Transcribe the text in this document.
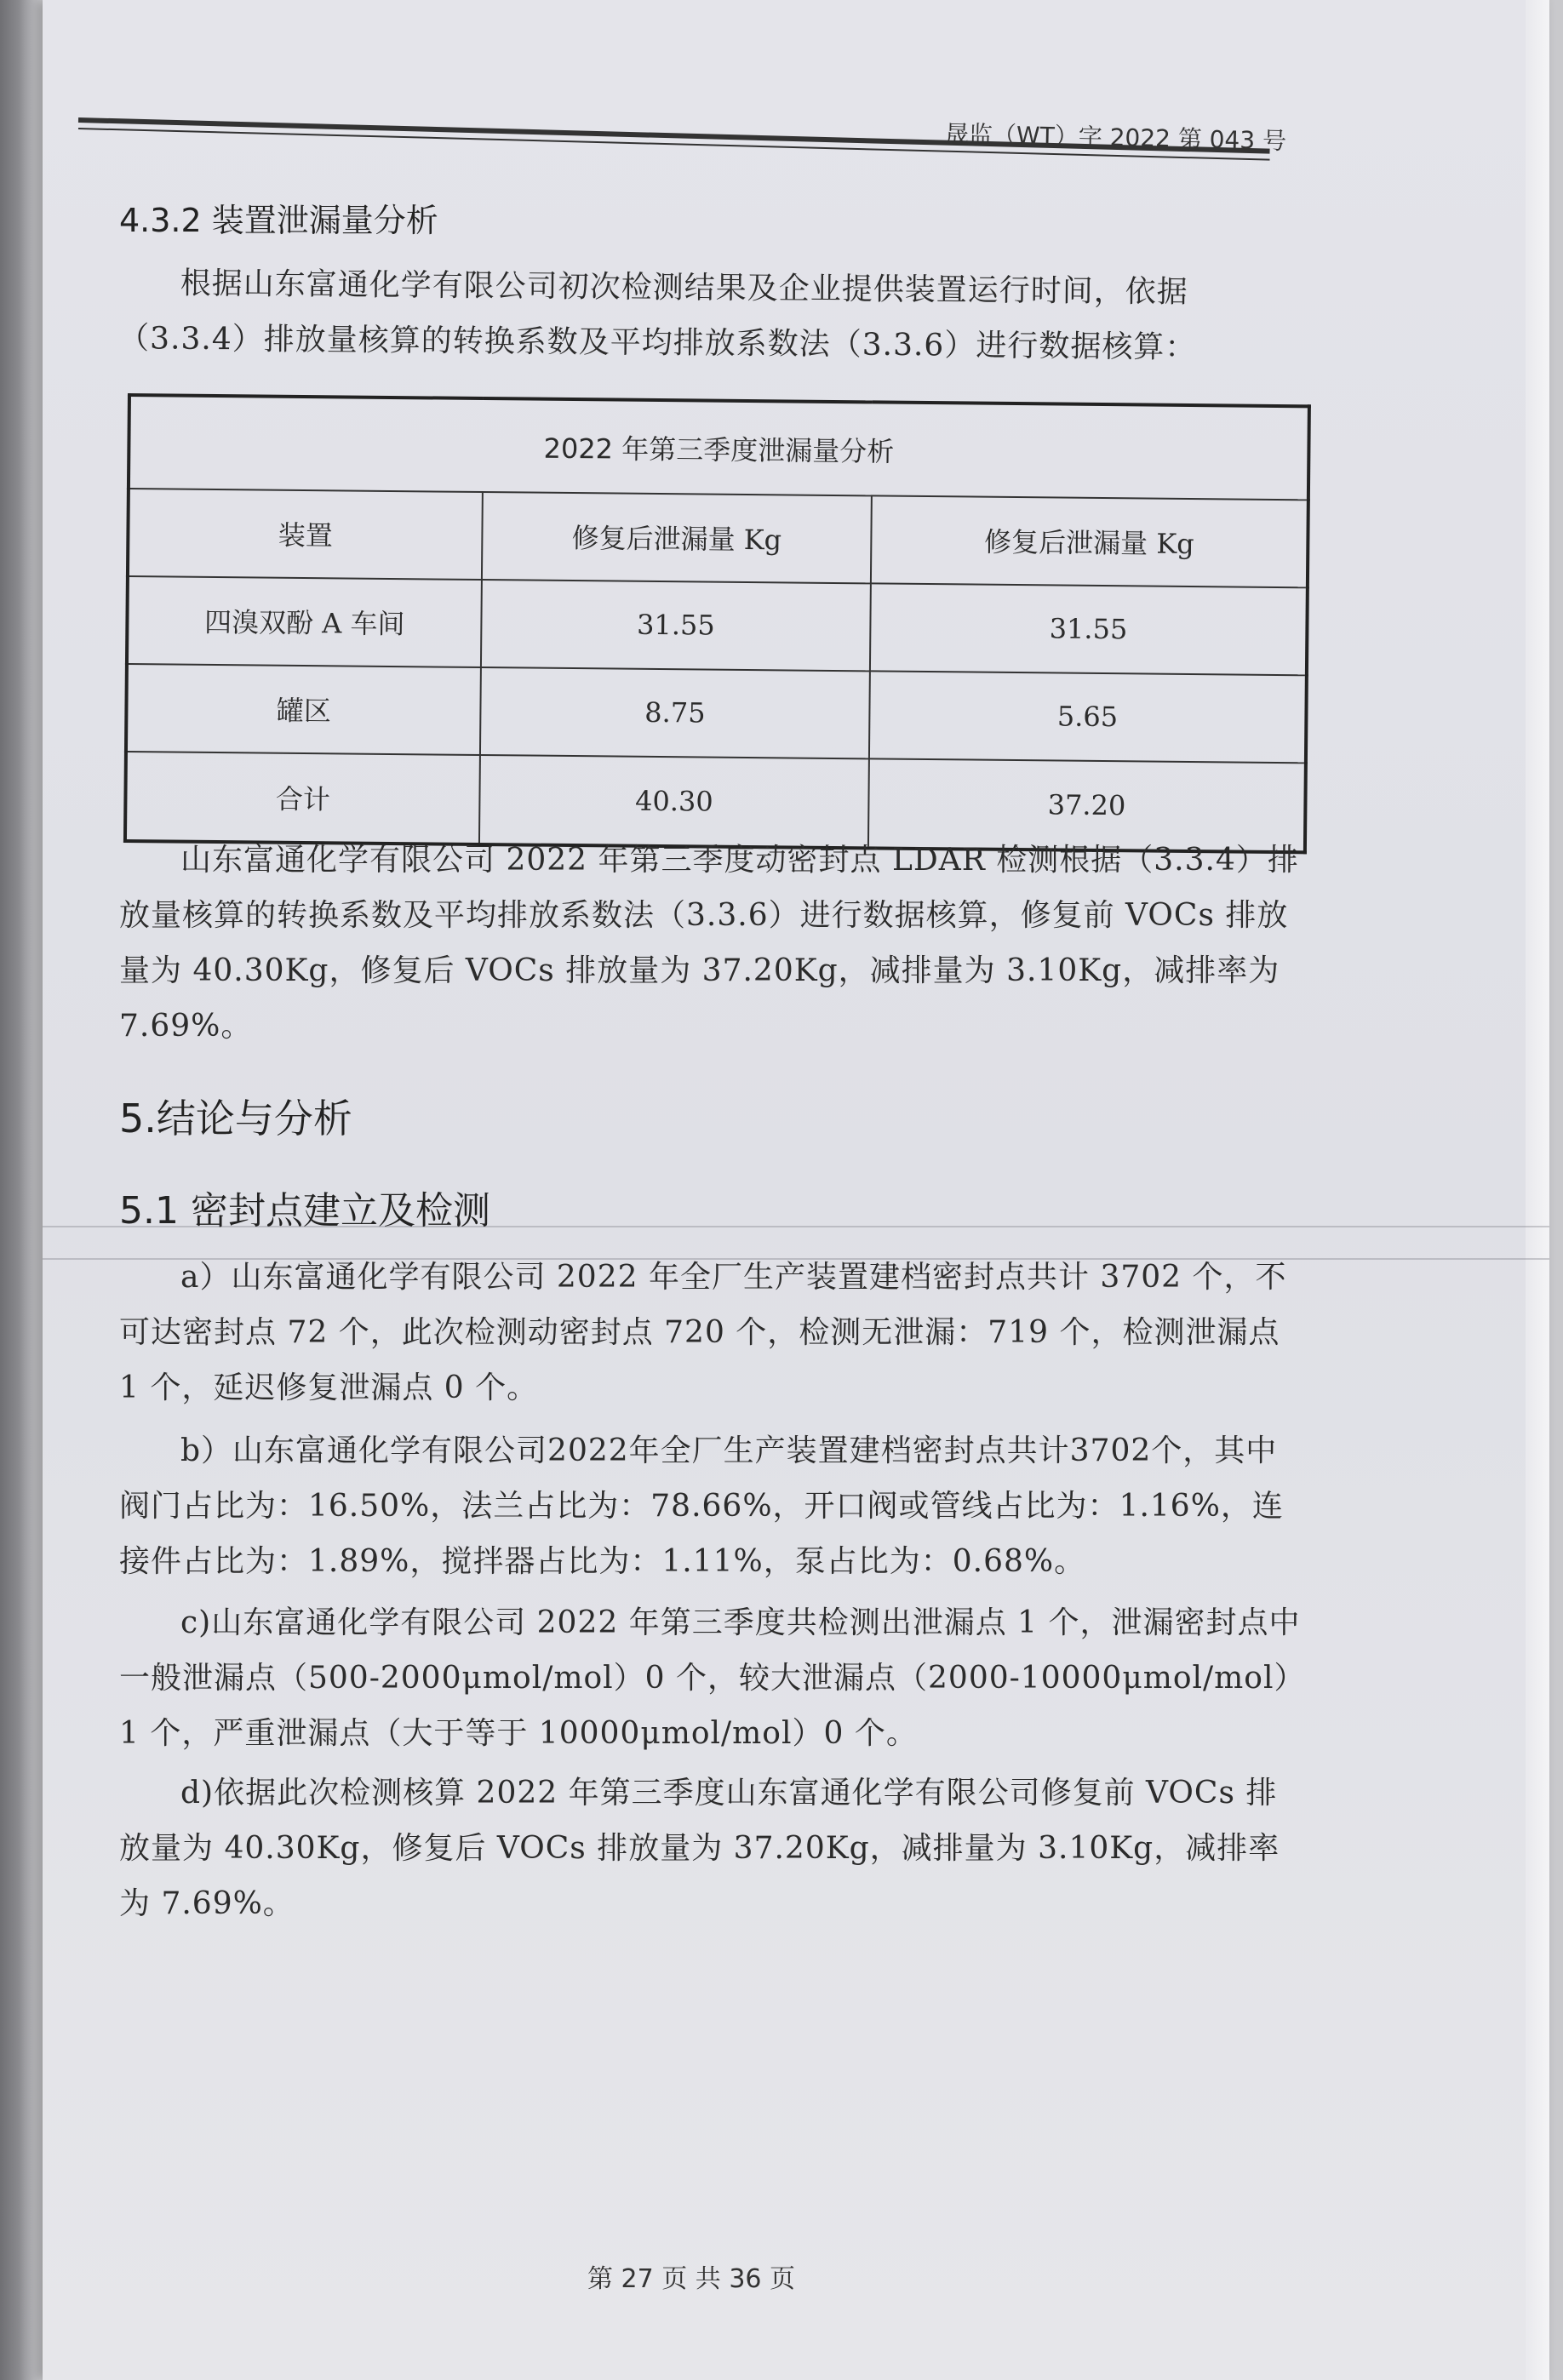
晟监（WT）字 2022 第 043 号
4.3.2 装置泄漏量分析
根据山东富通化学有限公司初次检测结果及企业提供装置运行时间，依据（3.3.4）排放量核算的转换系数及平均排放系数法（3.3.6）进行数据核算：
2022 年第三季度泄漏量分析		
装置	修复后泄漏量 Kg	修复后泄漏量 Kg
四溴双酚 A 车间	31.55	31.55
罐区	8.75	5.65
合计	40.30	37.20
山东富通化学有限公司 2022 年第三季度动密封点 LDAR 检测根据（3.3.4）排放量核算的转换系数及平均排放系数法（3.3.6）进行数据核算，修复前 VOCs 排放量为 40.30Kg，修复后 VOCs 排放量为 37.20Kg，减排量为 3.10Kg，减排率为 7.69%。
5.结论与分析
5.1 密封点建立及检测
a）山东富通化学有限公司 2022 年全厂生产装置建档密封点共计 3702 个，不可达密封点 72 个，此次检测动密封点 720 个，检测无泄漏：719 个，检测泄漏点 1 个，延迟修复泄漏点 0 个。
b）山东富通化学有限公司2022年全厂生产装置建档密封点共计3702个，其中阀门占比为：16.50%，法兰占比为：78.66%，开口阀或管线占比为：1.16%，连接件占比为：1.89%，搅拌器占比为：1.11%，泵占比为：0.68%。
c)山东富通化学有限公司 2022 年第三季度共检测出泄漏点 1 个，泄漏密封点中一般泄漏点（500-2000μmol/mol）0 个，较大泄漏点（2000-10000μmol/mol）1 个，严重泄漏点（大于等于 10000μmol/mol）0 个。
d)依据此次检测核算 2022 年第三季度山东富通化学有限公司修复前 VOCs 排放量为 40.30Kg，修复后 VOCs 排放量为 37.20Kg，减排量为 3.10Kg，减排率为 7.69%。
第 27 页 共 36 页
